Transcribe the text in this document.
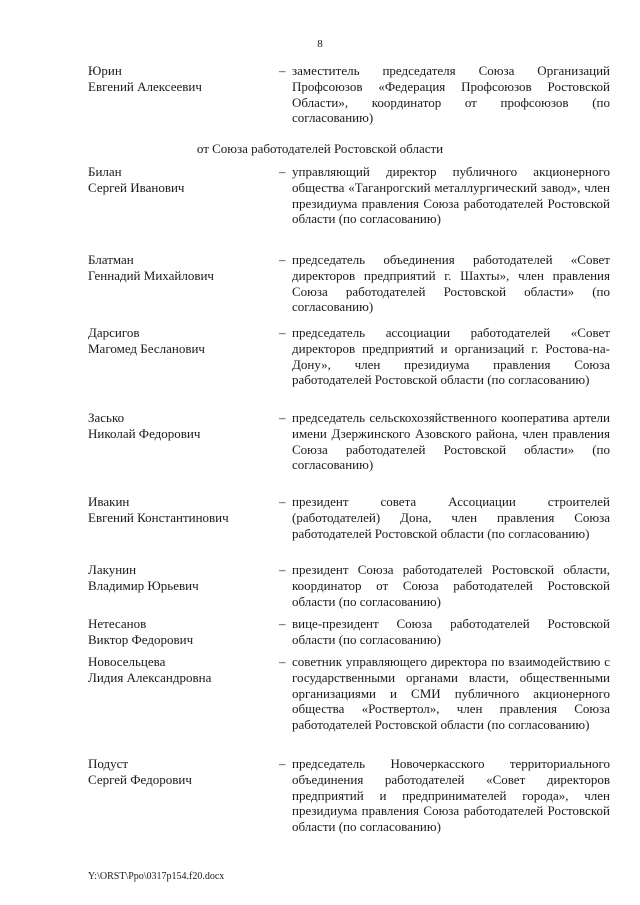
8
Юрин
Евгений Алексеевич
– заместитель председателя Союза Организаций Профсоюзов «Федерация Профсоюзов Ростовской Области», координатор от профсоюзов (по согласованию)
от Союза работодателей Ростовской области
Билан
Сергей Иванович
– управляющий директор публичного акционерного общества «Таганрогский металлургический завод», член президиума правления Союза работодателей Ростовской области (по согласованию)
Блатман
Геннадий Михайлович
– председатель объединения работодателей «Совет директоров предприятий г. Шахты», член правления Союза работодателей Ростовской области» (по согласованию)
Дарсигов
Магомед Бесланович
– председатель ассоциации работодателей «Совет директоров предприятий и организаций г. Ростова-на-Дону», член президиума правления Союза работодателей Ростовской области (по согласованию)
Засько
Николай Федорович
– председатель сельскохозяйственного кооператива артели имени Дзержинского Азовского района, член правления Союза работодателей Ростовской области» (по согласованию)
Ивакин
Евгений Константинович
– президент совета Ассоциации строителей (работодателей) Дона, член правления Союза работодателей Ростовской области (по согласованию)
Лакунин
Владимир Юрьевич
– президент Союза работодателей Ростовской области, координатор от Союза работодателей Ростовской области (по согласованию)
Нетесанов
Виктор Федорович
– вице-президент Союза работодателей Ростовской области (по согласованию)
Новосельцева
Лидия Александровна
– советник управляющего директора по взаимодействию с государственными органами власти, общественными организациями и СМИ публичного акционерного общества «Роствертол», член правления Союза работодателей Ростовской области (по согласованию)
Подуст
Сергей Федорович
– председатель Новочеркасского территориального объединения работодателей «Совет директоров предприятий и предпринимателей города», член президиума правления Союза работодателей Ростовской области (по согласованию)
Y:\ORST\Ppo\0317p154.f20.docx
